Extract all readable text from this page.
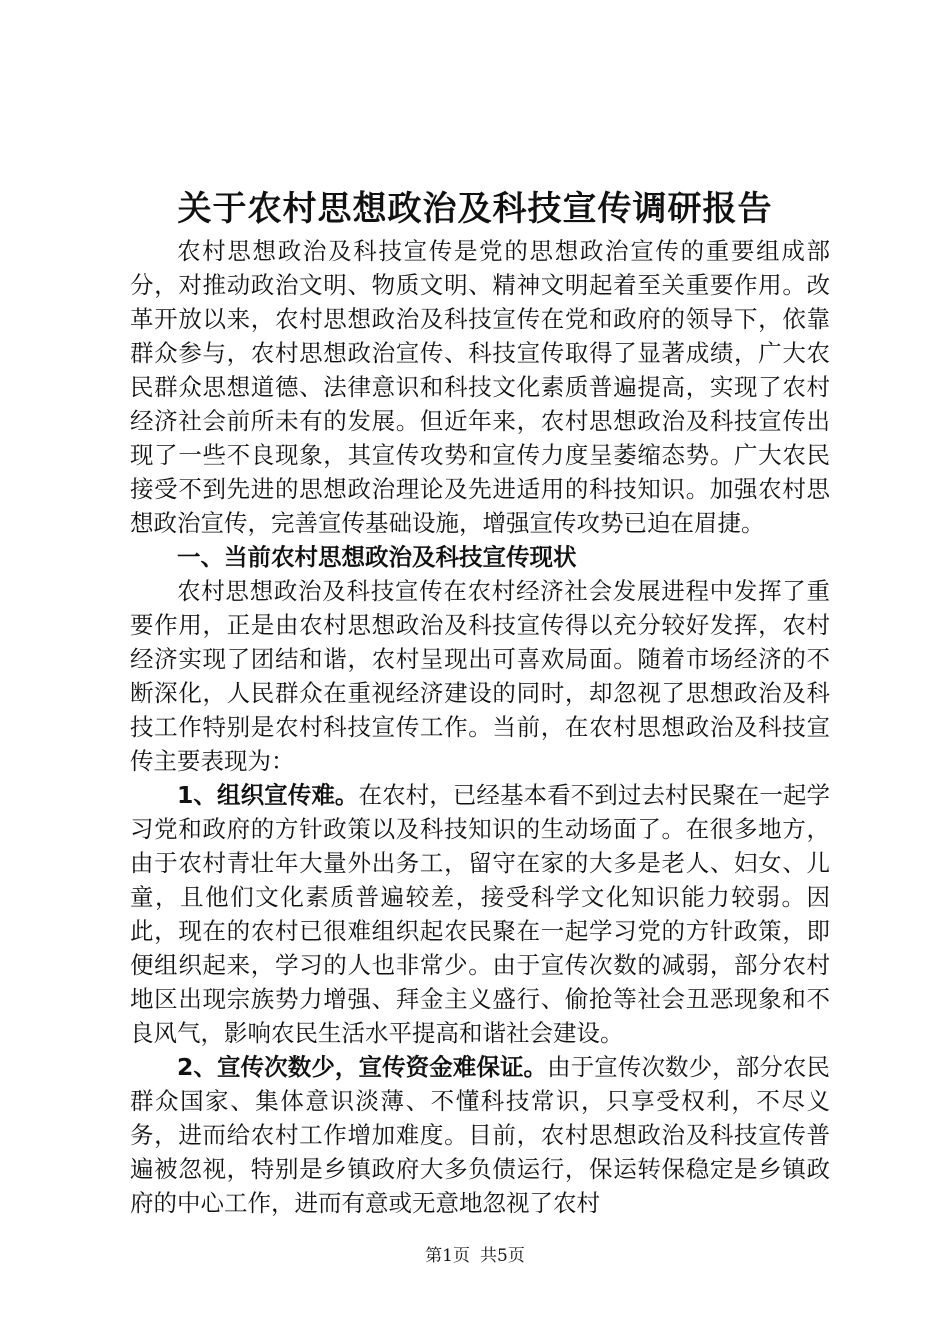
关于农村思想政治及科技宣传调研报告

农村思想政治及科技宣传是党的思想政治宣传的重要组成部分，对推动政治文明、物质文明、精神文明起着至关重要作用。改革开放以来，农村思想政治及科技宣传在党和政府的领导下，依靠群众参与，农村思想政治宣传、科技宣传取得了显著成绩，广大农民群众思想道德、法律意识和科技文化素质普遍提高，实现了农村经济社会前所未有的发展。但近年来，农村思想政治及科技宣传出现了一些不良现象，其宣传攻势和宣传力度呈萎缩态势。广大农民接受不到先进的思想政治理论及先进适用的科技知识。加强农村思想政治宣传，完善宣传基础设施，增强宣传攻势已迫在眉捷。

一、当前农村思想政治及科技宣传现状

农村思想政治及科技宣传在农村经济社会发展进程中发挥了重要作用，正是由农村思想政治及科技宣传得以充分较好发挥，农村经济实现了团结和谐，农村呈现出可喜欢局面。随着市场经济的不断深化，人民群众在重视经济建设的同时，却忽视了思想政治及科技工作特别是农村科技宣传工作。当前，在农村思想政治及科技宣传主要表现为：

1、组织宣传难。在农村，已经基本看不到过去村民聚在一起学习党和政府的方针政策以及科技知识的生动场面了。在很多地方，由于农村青壮年大量外出务工，留守在家的大多是老人、妇女、儿童，且他们文化素质普遍较差，接受科学文化知识能力较弱。因此，现在的农村已很难组织起农民聚在一起学习党的方针政策，即便组织起来，学习的人也非常少。由于宣传次数的减弱，部分农村地区出现宗族势力增强、拜金主义盛行、偷抢等社会丑恶现象和不良风气，影响农民生活水平提高和谐社会建设。

2、宣传次数少，宣传资金难保证。由于宣传次数少，部分农民群众国家、集体意识淡薄、不懂科技常识，只享受权利，不尽义务，进而给农村工作增加难度。目前，农村思想政治及科技宣传普遍被忽视，特别是乡镇政府大多负债运行，保运转保稳定是乡镇政府的中心工作，进而有意或无意地忽视了农村

第1页 共5页
